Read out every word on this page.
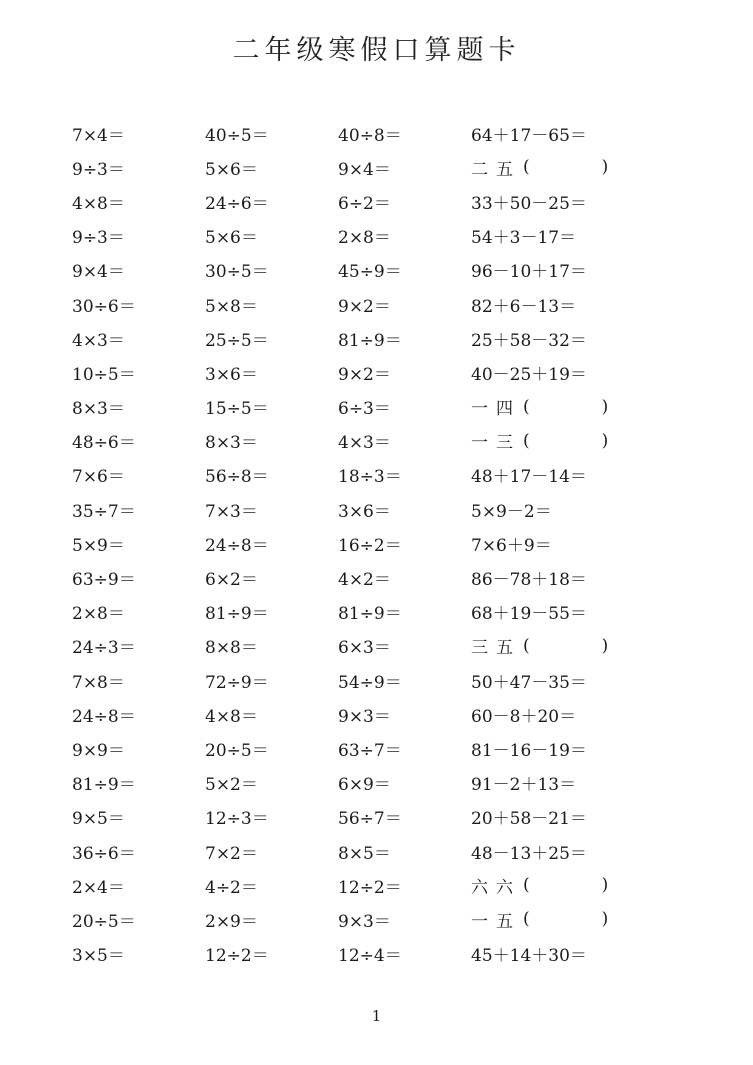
二年级寒假口算题卡
7×4＝	40÷5＝	40÷8＝	64＋17－65＝
9÷3＝	5×6＝	9×4＝	二五 (	)
4×8＝	24÷6＝	6÷2＝	33＋50－25＝
9÷3＝	5×6＝	2×8＝	54＋3－17＝
9×4＝	30÷5＝	45÷9＝	96－10＋17＝
30÷6＝	5×8＝	9×2＝	82＋6－13＝
4×3＝	25÷5＝	81÷9＝	25＋58－32＝
10÷5＝	3×6＝	9×2＝	40－25＋19＝
8×3＝	15÷5＝	6÷3＝	一四 (	)
48÷6＝	8×3＝	4×3＝	一三 (	)
7×6＝	56÷8＝	18÷3＝	48＋17－14＝
35÷7＝	7×3＝	3×6＝	5×9－2＝
5×9＝	24÷8＝	16÷2＝	7×6＋9＝
63÷9＝	6×2＝	4×2＝	86－78＋18＝
2×8＝	81÷9＝	81÷9＝	68＋19－55＝
24÷3＝	8×8＝	6×3＝	三五 (	)
7×8＝	72÷9＝	54÷9＝	50＋47－35＝
24÷8＝	4×8＝	9×3＝	60－8＋20＝
9×9＝	20÷5＝	63÷7＝	81－16－19＝
81÷9＝	5×2＝	6×9＝	91－2＋13＝
9×5＝	12÷3＝	56÷7＝	20＋58－21＝
36÷6＝	7×2＝	8×5＝	48－13＋25＝
2×4＝	4÷2＝	12÷2＝	六六 (	)
20÷5＝	2×9＝	9×3＝	一五 (	)
3×5＝	12÷2＝	12÷4＝	45＋14＋30＝
1
